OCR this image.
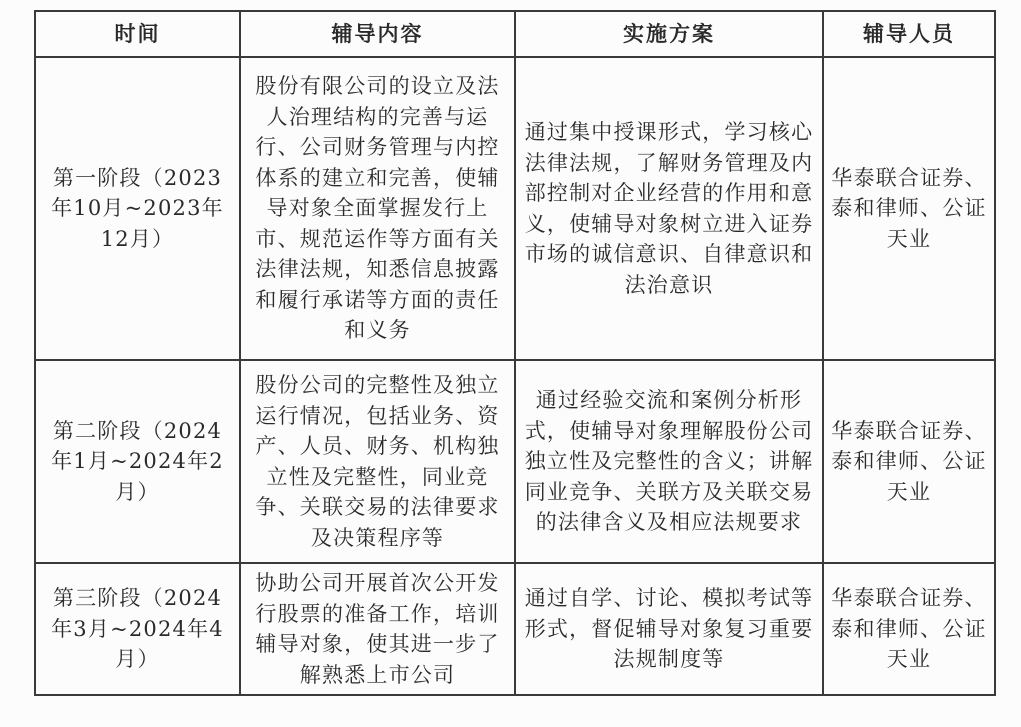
时间	辅导内容	实施方案	辅导人员
第一阶段（2023年10月~2023年12月）	股份有限公司的设立及法人治理结构的完善与运行、公司财务管理与内控体系的建立和完善，使辅导对象全面掌握发行上市、规范运作等方面有关法律法规，知悉信息披露和履行承诺等方面的责任和义务	通过集中授课形式，学习核心法律法规，了解财务管理及内部控制对企业经营的作用和意义，使辅导对象树立进入证券市场的诚信意识、自律意识和法治意识	华泰联合证券、泰和律师、公证天业
第二阶段（2024年1月~2024年2月）	股份公司的完整性及独立运行情况，包括业务、资产、人员、财务、机构独立性及完整性，同业竞争、关联交易的法律要求及决策程序等	通过经验交流和案例分析形式，使辅导对象理解股份公司独立性及完整性的含义；讲解同业竞争、关联方及关联交易的法律含义及相应法规要求	华泰联合证券、泰和律师、公证天业
第三阶段（2024年3月~2024年4月）	协助公司开展首次公开发行股票的准备工作，培训辅导对象，使其进一步了解熟悉上市公司	通过自学、讨论、模拟考试等形式，督促辅导对象复习重要法规制度等	华泰联合证券、泰和律师、公证天业
